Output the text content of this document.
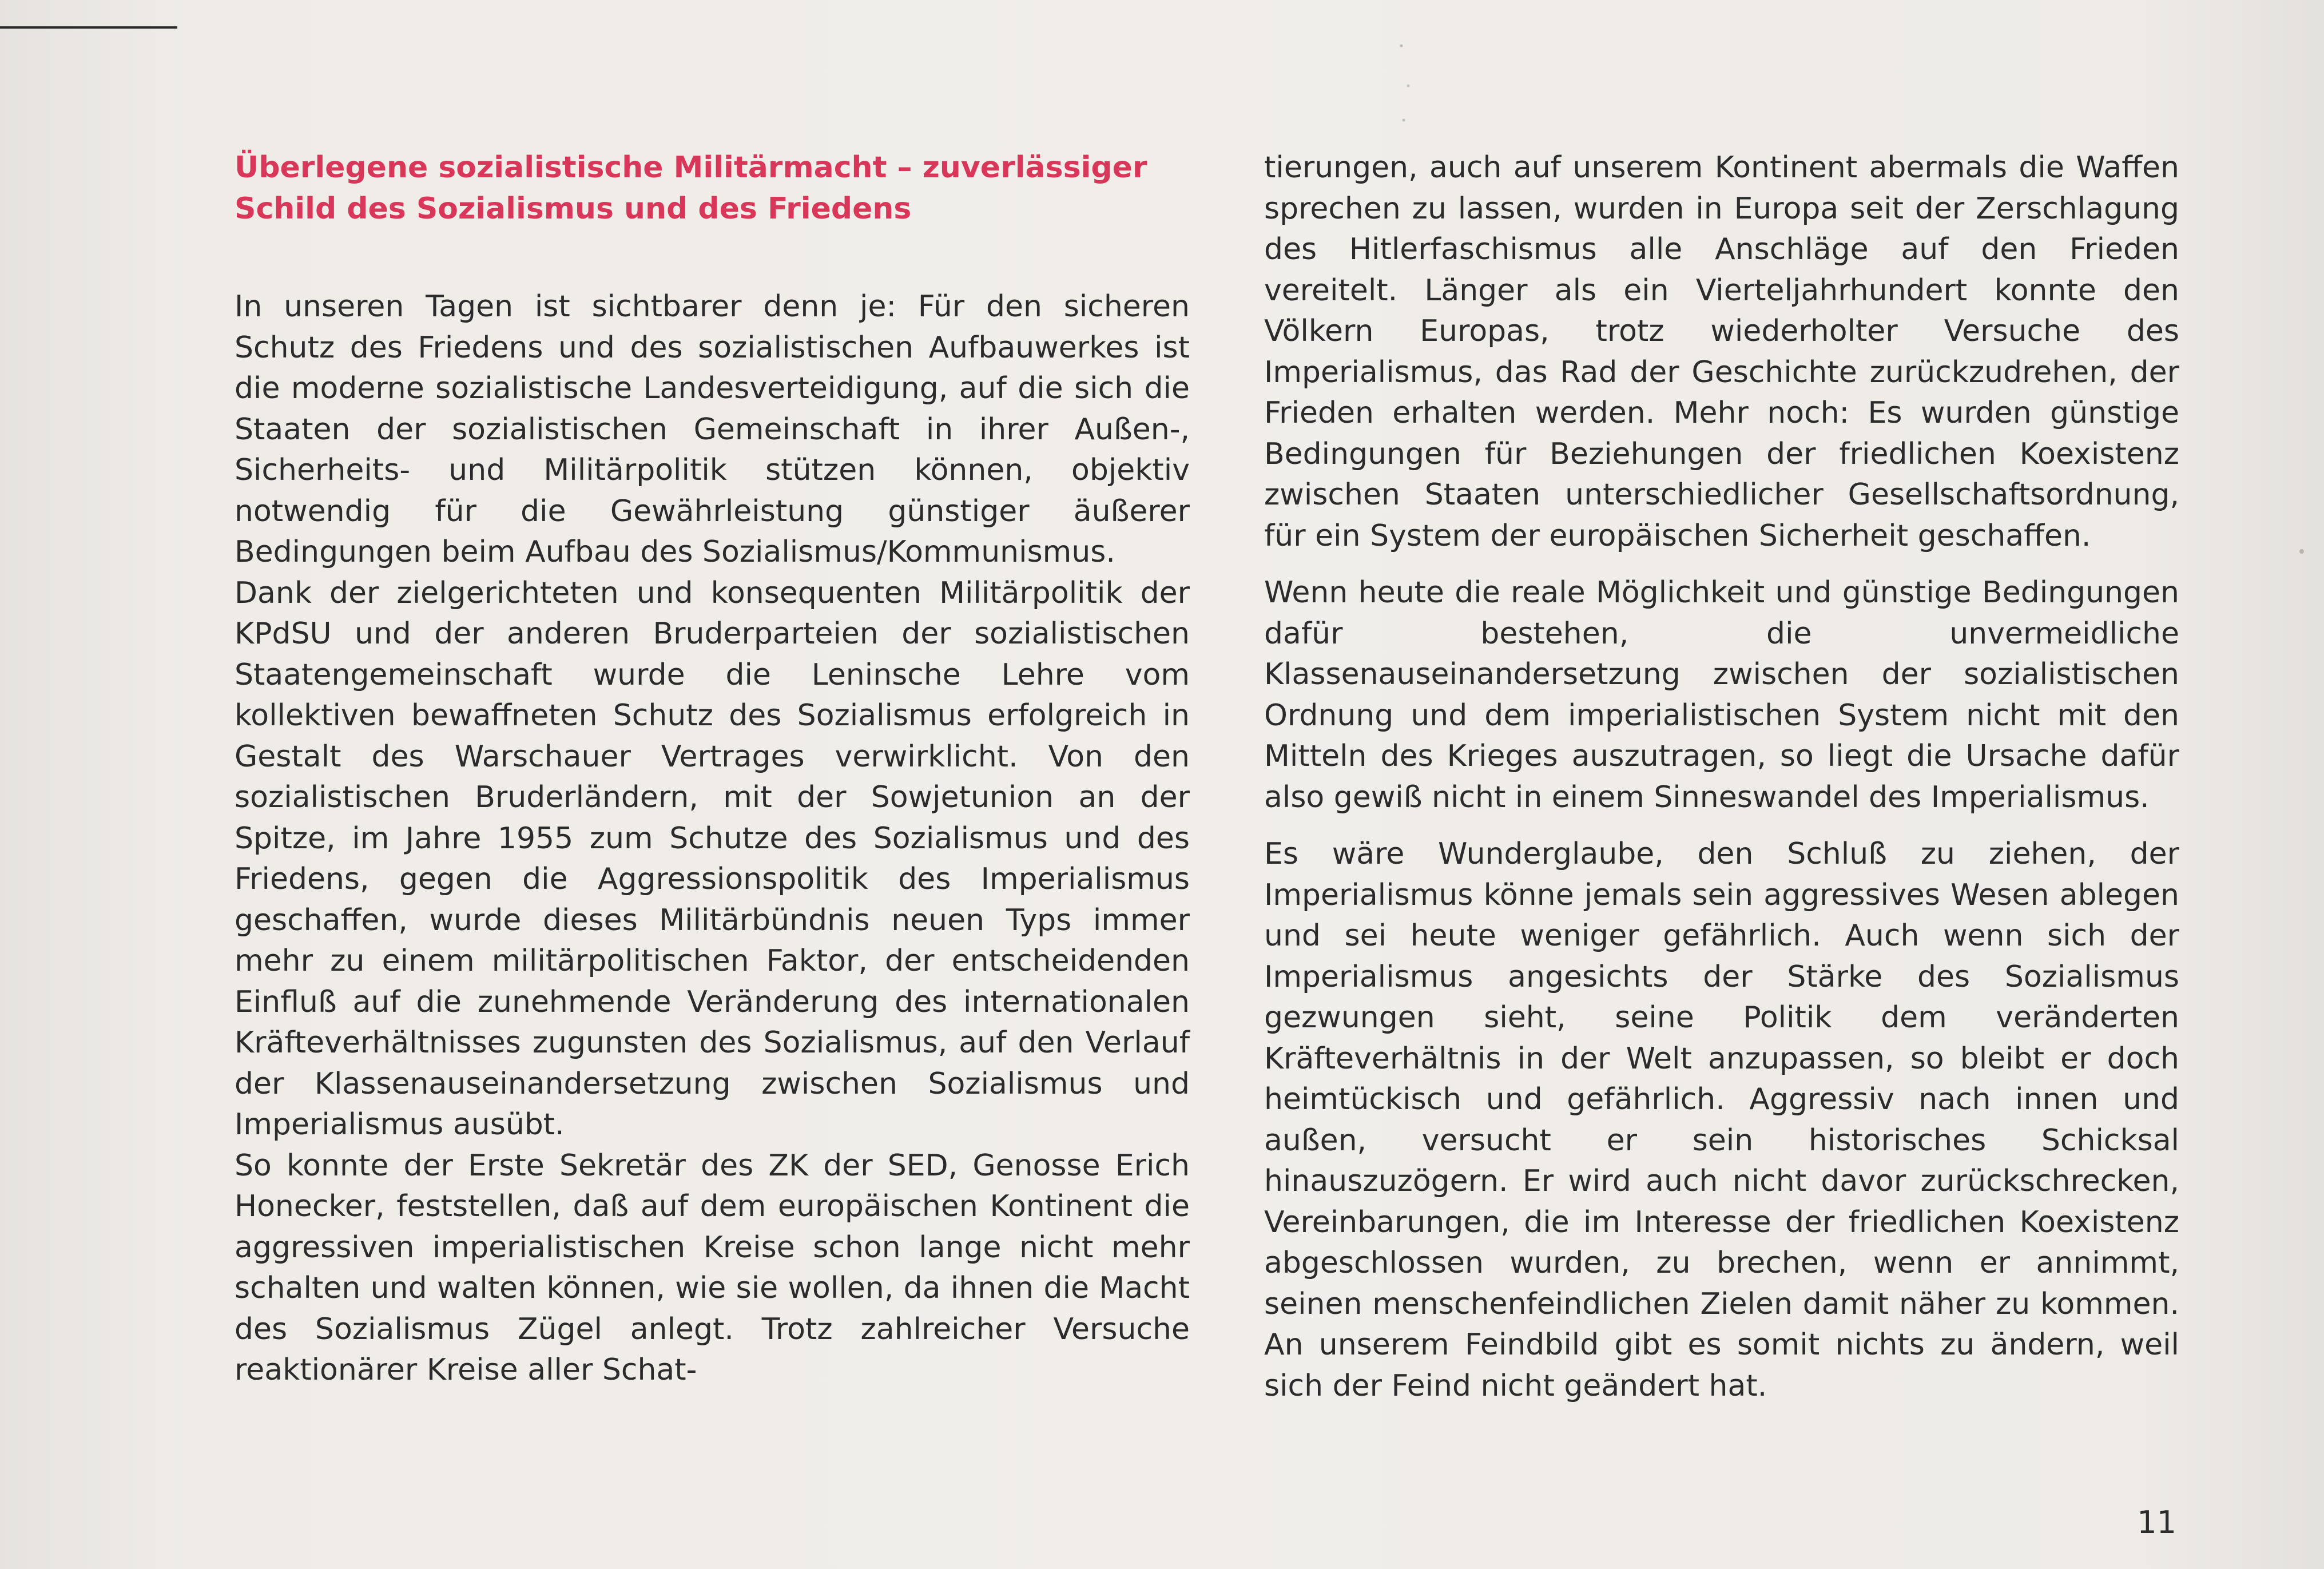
Überlegene sozialistische Militärmacht – zuverlässiger
Schild des Sozialismus und des Friedens

In unseren Tagen ist sichtbarer denn je: Für den sicheren Schutz des Friedens und des sozialistischen Aufbauwerkes ist die moderne sozialistische Landesverteidigung, auf die sich die Staaten der sozialistischen Gemeinschaft in ihrer Außen-, Sicherheits- und Militärpolitik stützen können, objektiv notwendig für die Gewährleistung günstiger äußerer Bedingungen beim Aufbau des Sozialismus/Kommunismus.

Dank der zielgerichteten und konsequenten Militärpolitik der KPdSU und der anderen Bruderparteien der sozialistischen Staatengemeinschaft wurde die Leninsche Lehre vom kollektiven bewaffneten Schutz des Sozialismus erfolgreich in Gestalt des Warschauer Vertrages verwirklicht. Von den sozialistischen Bruderländern, mit der Sowjetunion an der Spitze, im Jahre 1955 zum Schutze des Sozialismus und des Friedens, gegen die Aggressionspolitik des Imperialismus geschaffen, wurde dieses Militärbündnis neuen Typs immer mehr zu einem militärpolitischen Faktor, der entscheidenden Einfluß auf die zunehmende Veränderung des internationalen Kräfteverhältnisses zugunsten des Sozialismus, auf den Verlauf der Klassenauseinandersetzung zwischen Sozialismus und Imperialismus ausübt.

So konnte der Erste Sekretär des ZK der SED, Genosse Erich Honecker, feststellen, daß auf dem europäischen Kontinent die aggressiven imperialistischen Kreise schon lange nicht mehr schalten und walten können, wie sie wollen, da ihnen die Macht des Sozialismus Zügel anlegt. Trotz zahlreicher Versuche reaktionärer Kreise aller Schat-

tierungen, auch auf unserem Kontinent abermals die Waffen sprechen zu lassen, wurden in Europa seit der Zerschlagung des Hitlerfaschismus alle Anschläge auf den Frieden vereitelt. Länger als ein Vierteljahrhundert konnte den Völkern Europas, trotz wiederholter Versuche des Imperialismus, das Rad der Geschichte zurückzudrehen, der Frieden erhalten werden. Mehr noch: Es wurden günstige Bedingungen für Beziehungen der friedlichen Koexistenz zwischen Staaten unterschiedlicher Gesellschaftsordnung, für ein System der europäischen Sicherheit geschaffen.

Wenn heute die reale Möglichkeit und günstige Bedingungen dafür bestehen, die unvermeidliche Klassenauseinandersetzung zwischen der sozialistischen Ordnung und dem imperialistischen System nicht mit den Mitteln des Krieges auszutragen, so liegt die Ursache dafür also gewiß nicht in einem Sinneswandel des Imperialismus.

Es wäre Wunderglaube, den Schluß zu ziehen, der Imperialismus könne jemals sein aggressives Wesen ablegen und sei heute weniger gefährlich. Auch wenn sich der Imperialismus angesichts der Stärke des Sozialismus gezwungen sieht, seine Politik dem veränderten Kräfteverhältnis in der Welt anzupassen, so bleibt er doch heimtückisch und gefährlich. Aggressiv nach innen und außen, versucht er sein historisches Schicksal hinauszuzögern. Er wird auch nicht davor zurückschrecken, Vereinbarungen, die im Interesse der friedlichen Koexistenz abgeschlossen wurden, zu brechen, wenn er annimmt, seinen menschenfeindlichen Zielen damit näher zu kommen. An unserem Feindbild gibt es somit nichts zu ändern, weil sich der Feind nicht geändert hat.

11
